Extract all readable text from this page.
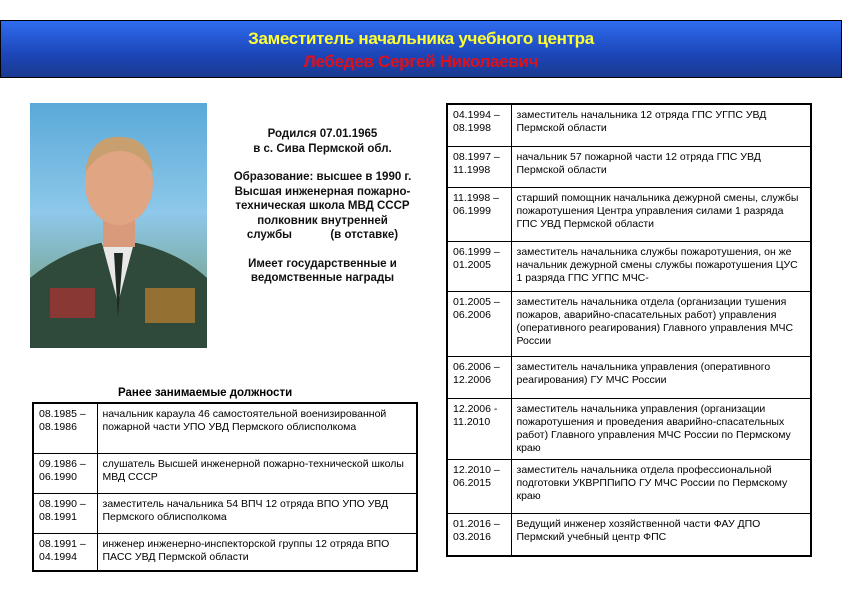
Заместитель начальника учебного центра
Лебедев Сергей Николаевич

Родился 07.01.1965
в с. Сива Пермской обл.

Образование: высшее в 1990 г.
Высшая инженерная пожарно-
техническая школа МВД СССР
полковник внутренней
службы            (в отставке)

Имеет государственные и
ведомственные награды

Ранее занимаемые должности
08.1985 –
08.1986	начальник караула 46 самостоятельной военизированной пожарной части УПО УВД Пермского облисполкома
09.1986 –
06.1990	слушатель Высшей инженерной пожарно-технической школы МВД СССР
08.1990 –
08.1991	заместитель начальника 54 ВПЧ 12 отряда ВПО УПО УВД Пермского облисполкома
08.1991 –
04.1994	инженер инженерно-инспекторской группы 12 отряда ВПО ПАСС УВД Пермской области
04.1994 –
08.1998	заместитель начальника 12 отряда ГПС УГПС УВД Пермской области
08.1997 –
11.1998	начальник 57 пожарной части 12 отряда ГПС УВД Пермской области
11.1998 –
06.1999	старший помощник начальника дежурной смены, службы пожаротушения Центра управления силами 1 разряда ГПС УВД Пермской области
06.1999 –
01.2005	заместитель начальника службы пожаротушения, он же начальник дежурной смены службы пожаротушения ЦУС 1 разряда ГПС УГПС МЧС-
01.2005 –
06.2006	заместитель начальника отдела (организации тушения пожаров, аварийно-спасательных работ) управления (оперативного реагирования) Главного управления МЧС России
06.2006 –
12.2006	заместитель начальника управления (оперативного реагирования) ГУ МЧС России
12.2006 -
11.2010	заместитель начальника управления (организации пожаротушения и проведения аварийно-спасательных работ) Главного управления МЧС России по Пермскому краю
12.2010 –
06.2015	заместитель начальника отдела профессиональной подготовки УКВРППиПО ГУ МЧС России по Пермскому краю
01.2016 –
03.2016	Ведущий инженер хозяйственной части ФАУ ДПО Пермский учебный центр ФПС
